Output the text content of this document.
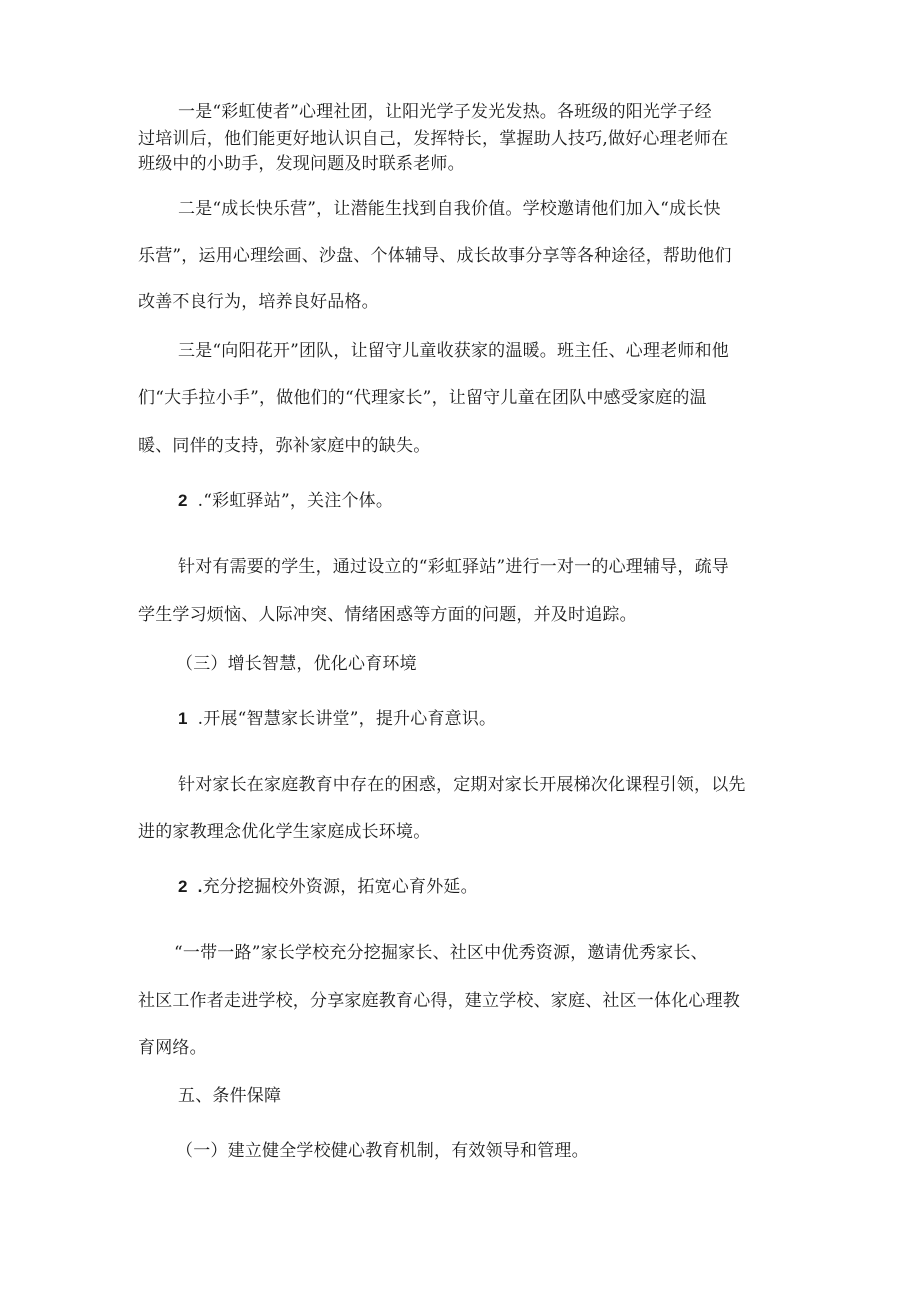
一是“彩虹使者”心理社团，让阳光学子发光发热。各班级的阳光学子经
过培训后，他们能更好地认识自己，发挥特长，掌握助人技巧,做好心理老师在
班级中的小助手，发现问题及时联系老师。
二是“成长快乐营”，让潜能生找到自我价值。学校邀请他们加入“成长快
乐营”，运用心理绘画、沙盘、个体辅导、成长故事分享等各种途径，帮助他们
改善不良行为，培养良好品格。
三是“向阳花开”团队，让留守儿童收获家的温暖。班主任、心理老师和他
们“大手拉小手”，做他们的“代理家长”，让留守儿童在团队中感受家庭的温
暖、同伴的支持，弥补家庭中的缺失。
2 .“彩虹驿站”，关注个体。
针对有需要的学生，通过设立的“彩虹驿站”进行一对一的心理辅导，疏导
学生学习烦恼、人际冲突、情绪困惑等方面的问题，并及时追踪。
（三）增长智慧，优化心育环境
1 .开展“智慧家长讲堂”，提升心育意识。
针对家长在家庭教育中存在的困惑，定期对家长开展梯次化课程引领，以先
进的家教理念优化学生家庭成长环境。
2 .充分挖掘校外资源，拓宽心育外延。
“一带一路”家长学校充分挖掘家长、社区中优秀资源，邀请优秀家长、
社区工作者走进学校，分享家庭教育心得，建立学校、家庭、社区一体化心理教
育网络。
五、条件保障
（一）建立健全学校健心教育机制，有效领导和管理。
